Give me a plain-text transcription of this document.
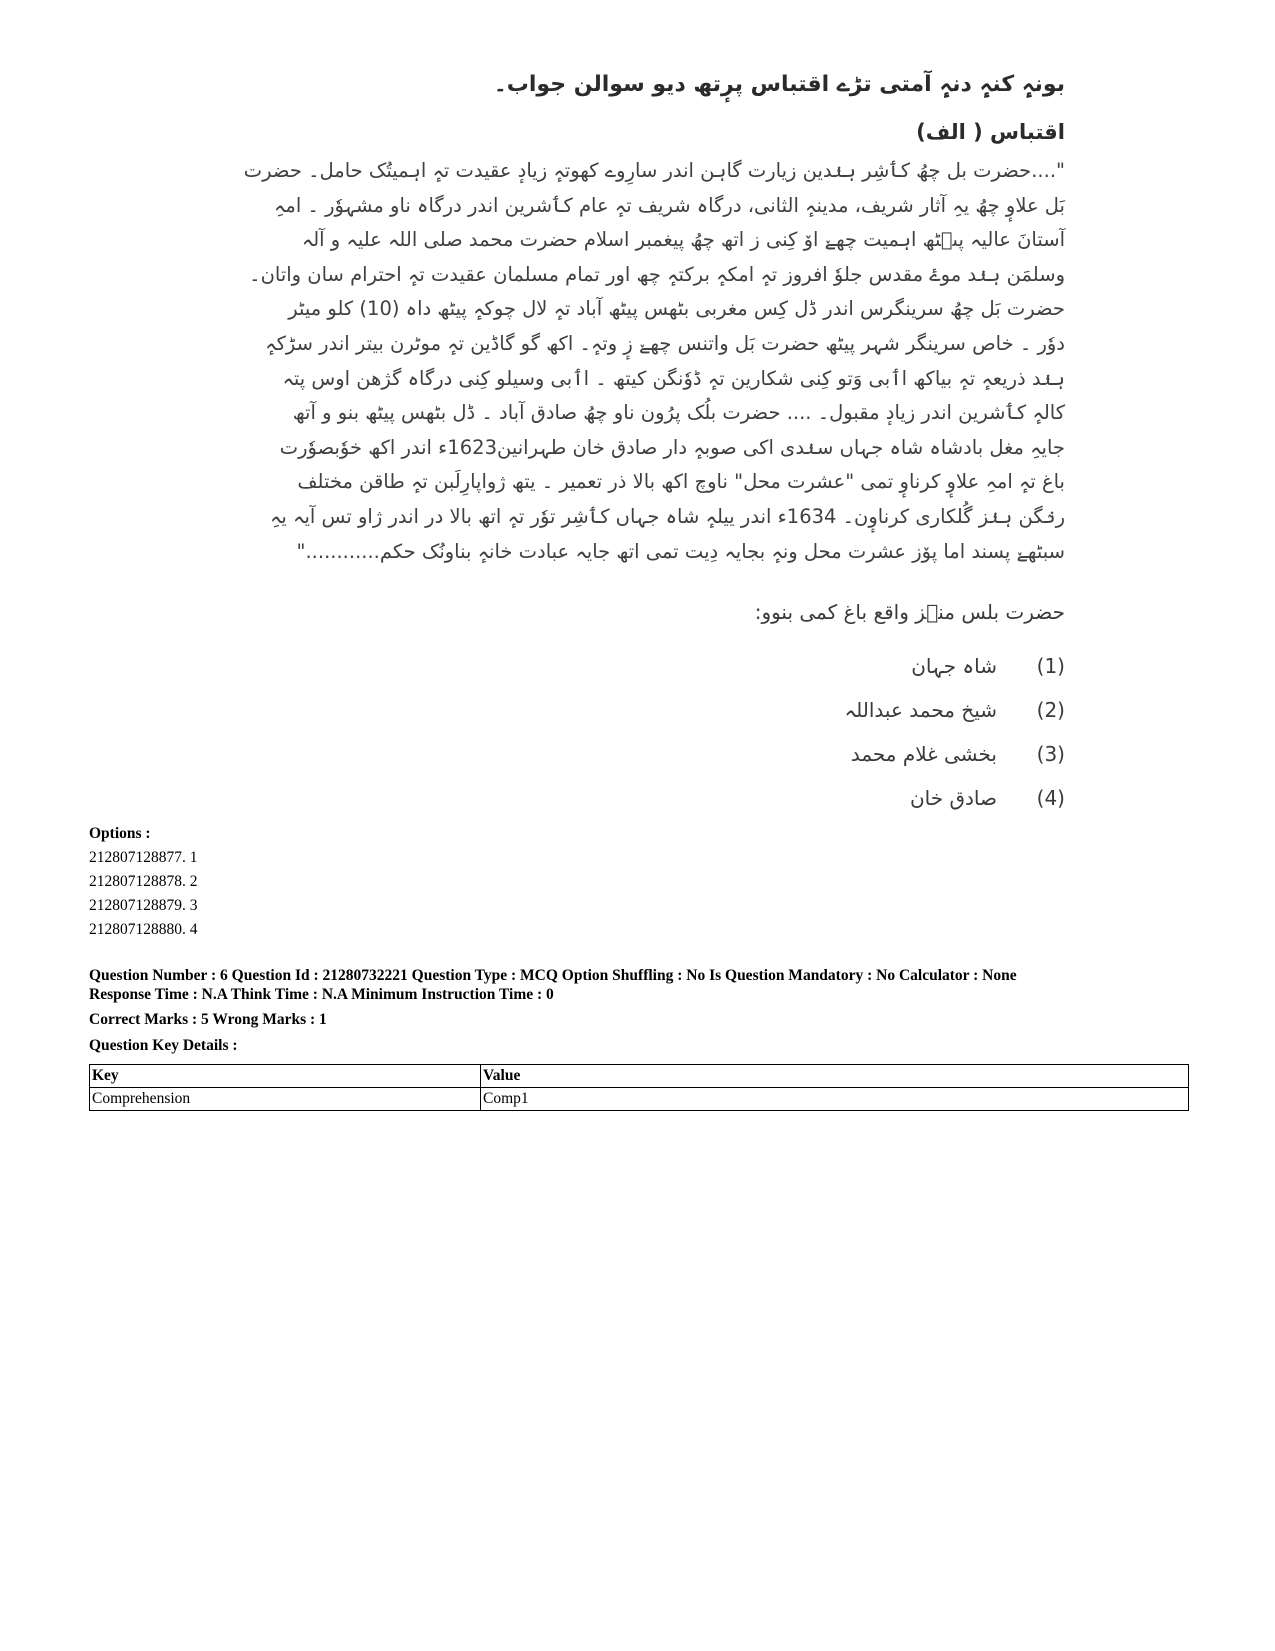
بونہٕ کنہٕ دنہٕ آمتی تڑے اقتباس پرٕتھ دیو سوالن جواب۔
اقتباس ( الف)
"....حضرت بل چھُ کٲشِر ہنٛدین زیارت گاہن اندر سارِوے کھوتہٕ زیادٕ عقیدت تہٕ اہمیتُک حامل۔ حضرت
بَل علاوٕ چھُ یہِ آثار شریف، مدینہٕ الثانی، درگاہ شریف تہٕ عام کٲشرین اندر درگاہ ناو مشہوٗر ۔ امہِ
آستانَ عالیہ پٮ۪ٹھ اہمیت چھےٚ اوٚ کِنی ز اتھ چھُ پیغمبر اسلام حضرت محمد صلی اللہ علیہ و آلہ
وسلمَن ہنٛد موۓ مقدس جلوٗ افروز تہٕ امکہٕ برکتہٕ چھ اور تمام مسلمان عقیدت تہٕ احترام سان واتان۔
حضرت بَل چھُ سرینگرس اندر ڈل کِس مغربی بٹھس پیٹھ آباد تہٕ لال چوکہٕ پیٹھ داہ (10) کلو میٹر
دوٗر ۔ خاص سرینگر شہر پیٹھ حضرت بَل واتنس چھےٚ زٕ وتہٕ۔ اکھ گو گاڈین تہٕ موٹرن بیتر اندر سڑکہٕ
ہنٛد ذریعہٕ تہٕ بیاکھ اٲبی وَتو کِنی شکارین تہٕ ڈوٗنگن کیتھ ۔ اٲبی وسیلو کِنی درگاہ گژھن اوس پتہ
کالہٕ کٲشرین اندر زیادٕ مقبول۔ .... حضرت بلُک پرُون ناو چھُ صادق آباد ۔ ڈل بٹھس پیٹھ بنو و آتھ
جایہِ مغل بادشاہ شاہ جہاں سنٛدی اکی صوبہٕ دار صادق خان طہرانین1623ء اندر اکھ خوٗبصوٗرت
باغ تہٕ امہِ علاوٕ کرناوٕ تمی "عشرت محل" ناوچ اکھ بالا ذر تعمیر ۔ یتھ ژواپارِلَبن تہٕ طاقن مختلف
رنٛگن ہنٛز گُلکاری کرناوٕن۔ 1634ء اندر ییلہٕ شاہ جہاں کٲشِر توٗر تہٕ اتھ بالا در اندر ژاو تس آیہ یہِ
سبٹھےٚ پسند اما پوٚز عشرت محل ونہٕ بجایہ دِیت تمی اتھ جایہ عبادت خانہٕ بناونُک حکم............"
حضرت بلس منٛز واقع باغ کمی بنوو:
(1)
شاہ جہان
(2)
شیخ محمد عبداللہ
(3)
بخشی غلام محمد
(4)
صادق خان
Options :
212807128877. 1
212807128878. 2
212807128879. 3
212807128880. 4
Question Number : 6 Question Id : 21280732221 Question Type : MCQ Option Shuffling : No Is Question Mandatory : No Calculator : None
Response Time : N.A Think Time : N.A Minimum Instruction Time : 0
Correct Marks : 5 Wrong Marks : 1
Question Key Details :
Key	Value
Comprehension	Comp1
